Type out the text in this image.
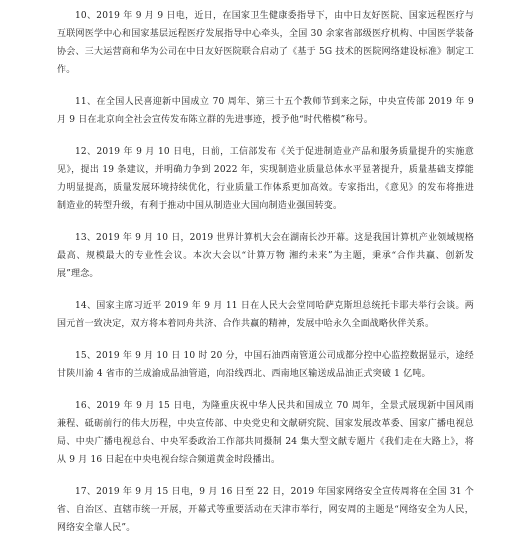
10、2019 年 9 月 9 日电，近日，在国家卫生健康委指导下，由中日友好医院、国家远程医疗与互联网医学中心和国家基层远程医疗发展指导中心牵头，全国 30 余家省部级医疗机构、中国医学装备协会、三大运营商和华为公司在中日友好医院联合启动了《基于 5G 技术的医院网络建设标准》制定工作。

11、在全国人民喜迎新中国成立 70 周年、第三十五个教师节到来之际，中央宣传部 2019 年 9 月 9 日在北京向全社会宣传发布陈立群的先进事迹，授予他“时代楷模”称号。

12、2019 年 9 月 10 日电，日前，工信部发布《关于促进制造业产品和服务质量提升的实施意见》，提出 19 条建议，并明确力争到 2022 年，实现制造业质量总体水平显著提升，质量基础支撑能力明显提高，质量发展环境持续优化，行业质量工作体系更加高效。专家指出，《意见》的发布将推进制造业的转型升级，有利于推动中国从制造业大国向制造业强国转变。

13、2019 年 9 月 10 日，2019 世界计算机大会在湖南长沙开幕。这是我国计算机产业领域规格最高、规模最大的专业性会议。本次大会以“计算万物 湘约未来”为主题，秉承“合作共赢、创新发展”理念。

14、国家主席习近平 2019 年 9 月 11 日在人民大会堂同哈萨克斯坦总统托卡耶夫举行会谈。两国元首一致决定，双方将本着同舟共济、合作共赢的精神，发展中哈永久全面战略伙伴关系。

15、2019 年 9 月 10 日 10 时 20 分，中国石油西南管道公司成都分控中心监控数据显示，途经甘陕川渝 4 省市的兰成渝成品油管道，向沿线西北、西南地区输送成品油正式突破 1 亿吨。

16、2019 年 9 月 15 日电，为隆重庆祝中华人民共和国成立 70 周年，全景式展现新中国风雨兼程、砥砺前行的伟大历程，中央宣传部、中央党史和文献研究院、国家发展改革委、国家广播电视总局、中央广播电视总台、中央军委政治工作部共同摄制 24 集大型文献专题片《我们走在大路上》，将从 9 月 16 日起在中央电视台综合频道黄金时段播出。

17、2019 年 9 月 15 日电，9 月 16 日至 22 日，2019 年国家网络安全宣传周将在全国 31 个省、自治区、直辖市统一开展，开幕式等重要活动在天津市举行，网安周的主题是“网络安全为人民，网络安全靠人民”。
